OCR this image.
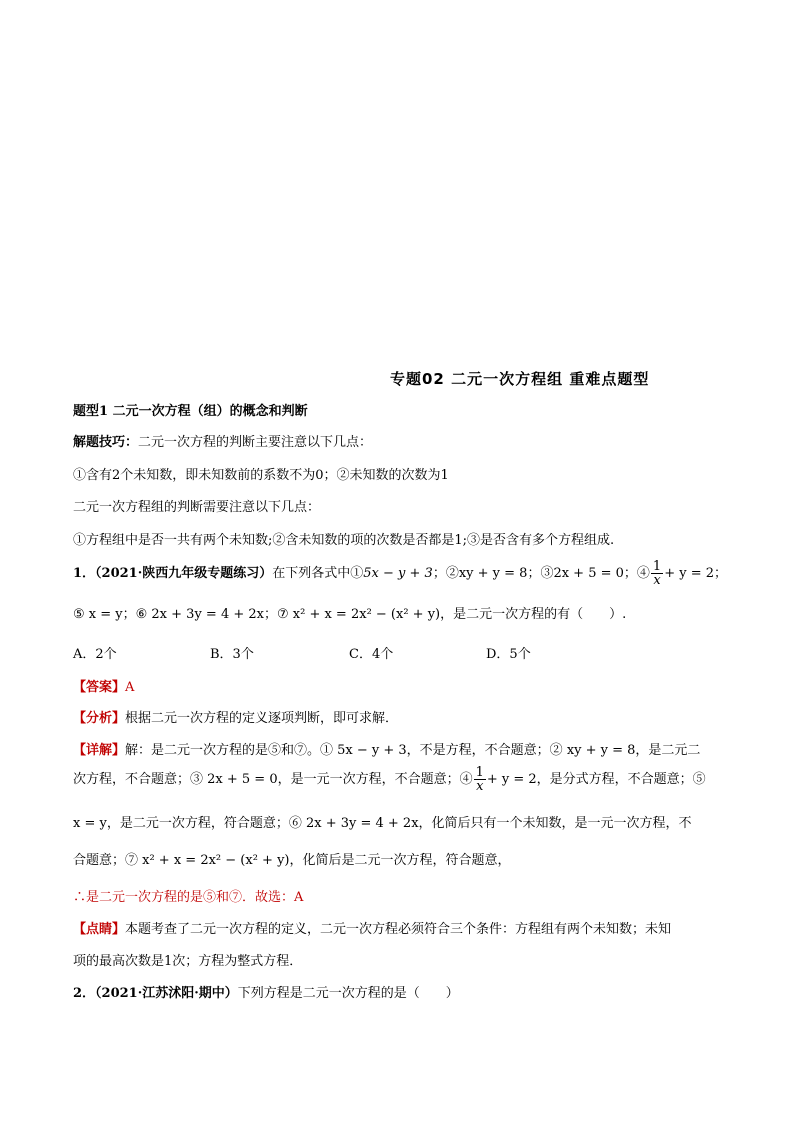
专题02 二元一次方程组 重难点题型
题型1 二元一次方程（组）的概念和判断
解题技巧：二元一次方程的判断主要注意以下几点：
①含有2个未知数，即未知数前的系数不为0；②未知数的次数为1
二元一次方程组的判断需要注意以下几点：
①方程组中是否一共有两个未知数;②含未知数的项的次数是否都是1;③是否含有多个方程组成.
1．（2021·陕西九年级专题练习）在下列各式中①5x − y + 3；②xy + y = 8；③2x + 5 = 0；④ $\frac{1}{x} + y = 2$；
⑤ x = y；⑥ 2x + 3y = 4 + 2x；⑦ x² + x = 2x² − (x² + y)，是二元一次方程的有（　　）.
A．2个	B．3个	C．4个	D．5个
【答案】A
【分析】根据二元一次方程的定义逐项判断，即可求解．
【详解】解：是二元一次方程的是⑤和⑦。① 5x − y + 3，不是方程，不合题意；② xy + y = 8，是二元二
次方程，不合题意；③ 2x + 5 = 0，是一元一次方程，不合题意；④ $\frac{1}{x} + y = 2$，是分式方程，不合题意；⑤
x = y，是二元一次方程，符合题意；⑥ 2x + 3y = 4 + 2x，化简后只有一个未知数，是一元一次方程，不
合题意；⑦ x² + x = 2x² − (x² + y)，化简后是二元一次方程，符合题意，
∴是二元一次方程的是⑤和⑦．故选：A
【点睛】本题考查了二元一次方程的定义，二元一次方程必须符合三个条件：方程组有两个未知数；未知
项的最高次数是1次；方程为整式方程．
2．（2021·江苏沭阳·期中）下列方程是二元一次方程的是（　　）
